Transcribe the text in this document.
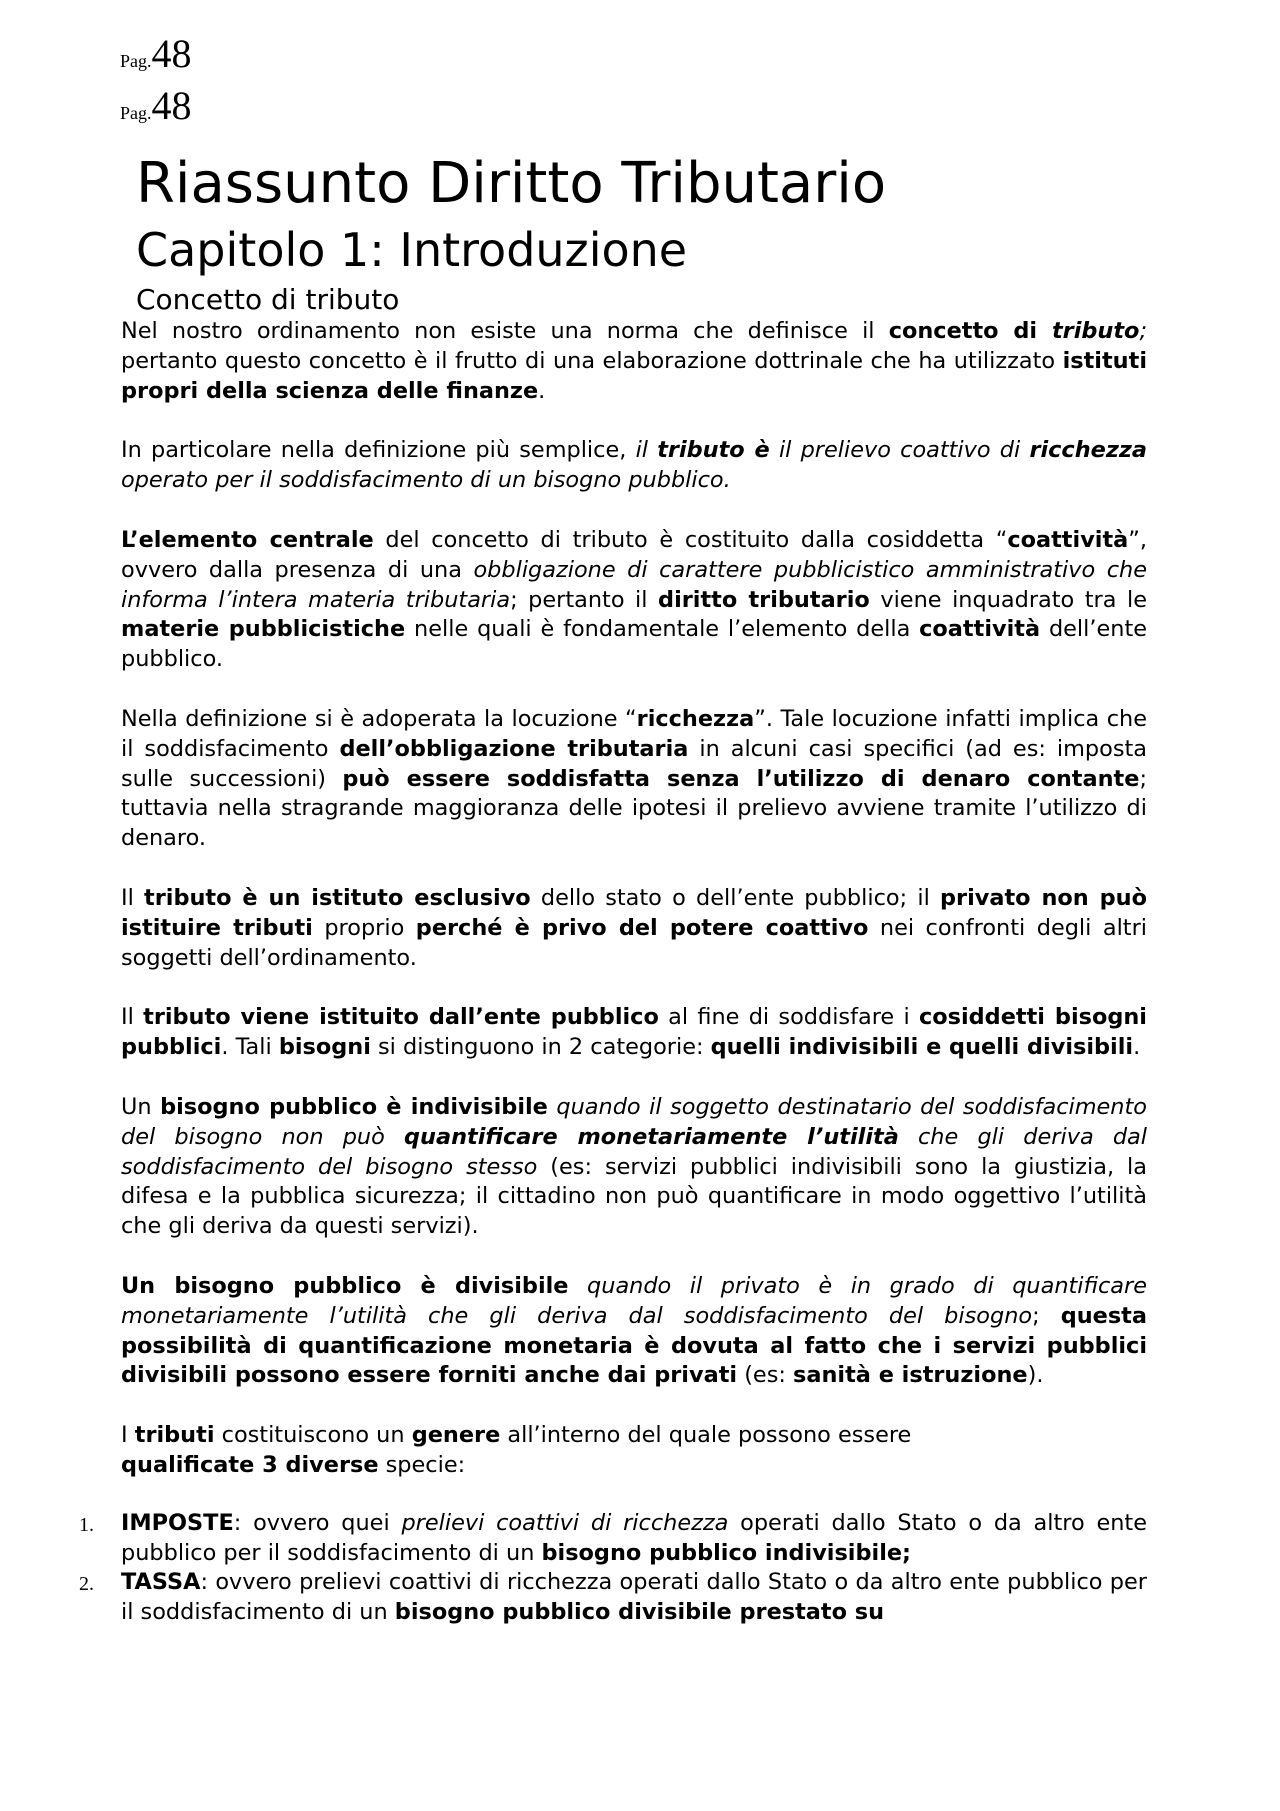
Pag.48
Pag.48
Riassunto Diritto Tributario
Capitolo 1: Introduzione
Concetto di tributo

Nel nostro ordinamento non esiste una norma che definisce il concetto di tributo; pertanto questo concetto è il frutto di una elaborazione dottrinale che ha utilizzato istituti propri della scienza delle finanze.

In particolare nella definizione più semplice, il tributo è il prelievo coattivo di ricchezza operato per il soddisfacimento di un bisogno pubblico.

L’elemento centrale del concetto di tributo è costituito dalla cosiddetta “coattività”, ovvero dalla presenza di una obbligazione di carattere pubblicistico amministrativo che informa l’intera materia tributaria; pertanto il diritto tributario viene inquadrato tra le materie pubblicistiche nelle quali è fondamentale l’elemento della coattività dell’ente pubblico.

Nella definizione si è adoperata la locuzione “ricchezza”. Tale locuzione infatti implica che il soddisfacimento dell’obbligazione tributaria in alcuni casi specifici (ad es: imposta sulle successioni) può essere soddisfatta senza l’utilizzo di denaro contante; tuttavia nella stragrande maggioranza delle ipotesi il prelievo avviene tramite l’utilizzo di denaro.

Il tributo è un istituto esclusivo dello stato o dell’ente pubblico; il privato non può istituire tributi proprio perché è privo del potere coattivo nei confronti degli altri soggetti dell’ordinamento.

Il tributo viene istituito dall’ente pubblico al fine di soddisfare i cosiddetti bisogni pubblici. Tali bisogni si distinguono in 2 categorie: quelli indivisibili e quelli divisibili.

Un bisogno pubblico è indivisibile quando il soggetto destinatario del soddisfacimento del bisogno non può quantificare monetariamente l’utilità che gli deriva dal soddisfacimento del bisogno stesso (es: servizi pubblici indivisibili sono la giustizia, la difesa e la pubblica sicurezza; il cittadino non può quantificare in modo oggettivo l’utilità che gli deriva da questi servizi).

Un bisogno pubblico è divisibile quando il privato è in grado di quantificare monetariamente l’utilità che gli deriva dal soddisfacimento del bisogno; questa possibilità di quantificazione monetaria è dovuta al fatto che i servizi pubblici divisibili possono essere forniti anche dai privati (es: sanità e istruzione).

I tributi costituiscono un genere all’interno del quale possono essere
qualificate 3 diverse specie:

1. IMPOSTE: ovvero quei prelievi coattivi di ricchezza operati dallo Stato o da altro ente pubblico per il soddisfacimento di un bisogno pubblico indivisibile;
2. TASSA: ovvero prelievi coattivi di ricchezza operati dallo Stato o da altro ente pubblico per il soddisfacimento di un bisogno pubblico divisibile prestato su
